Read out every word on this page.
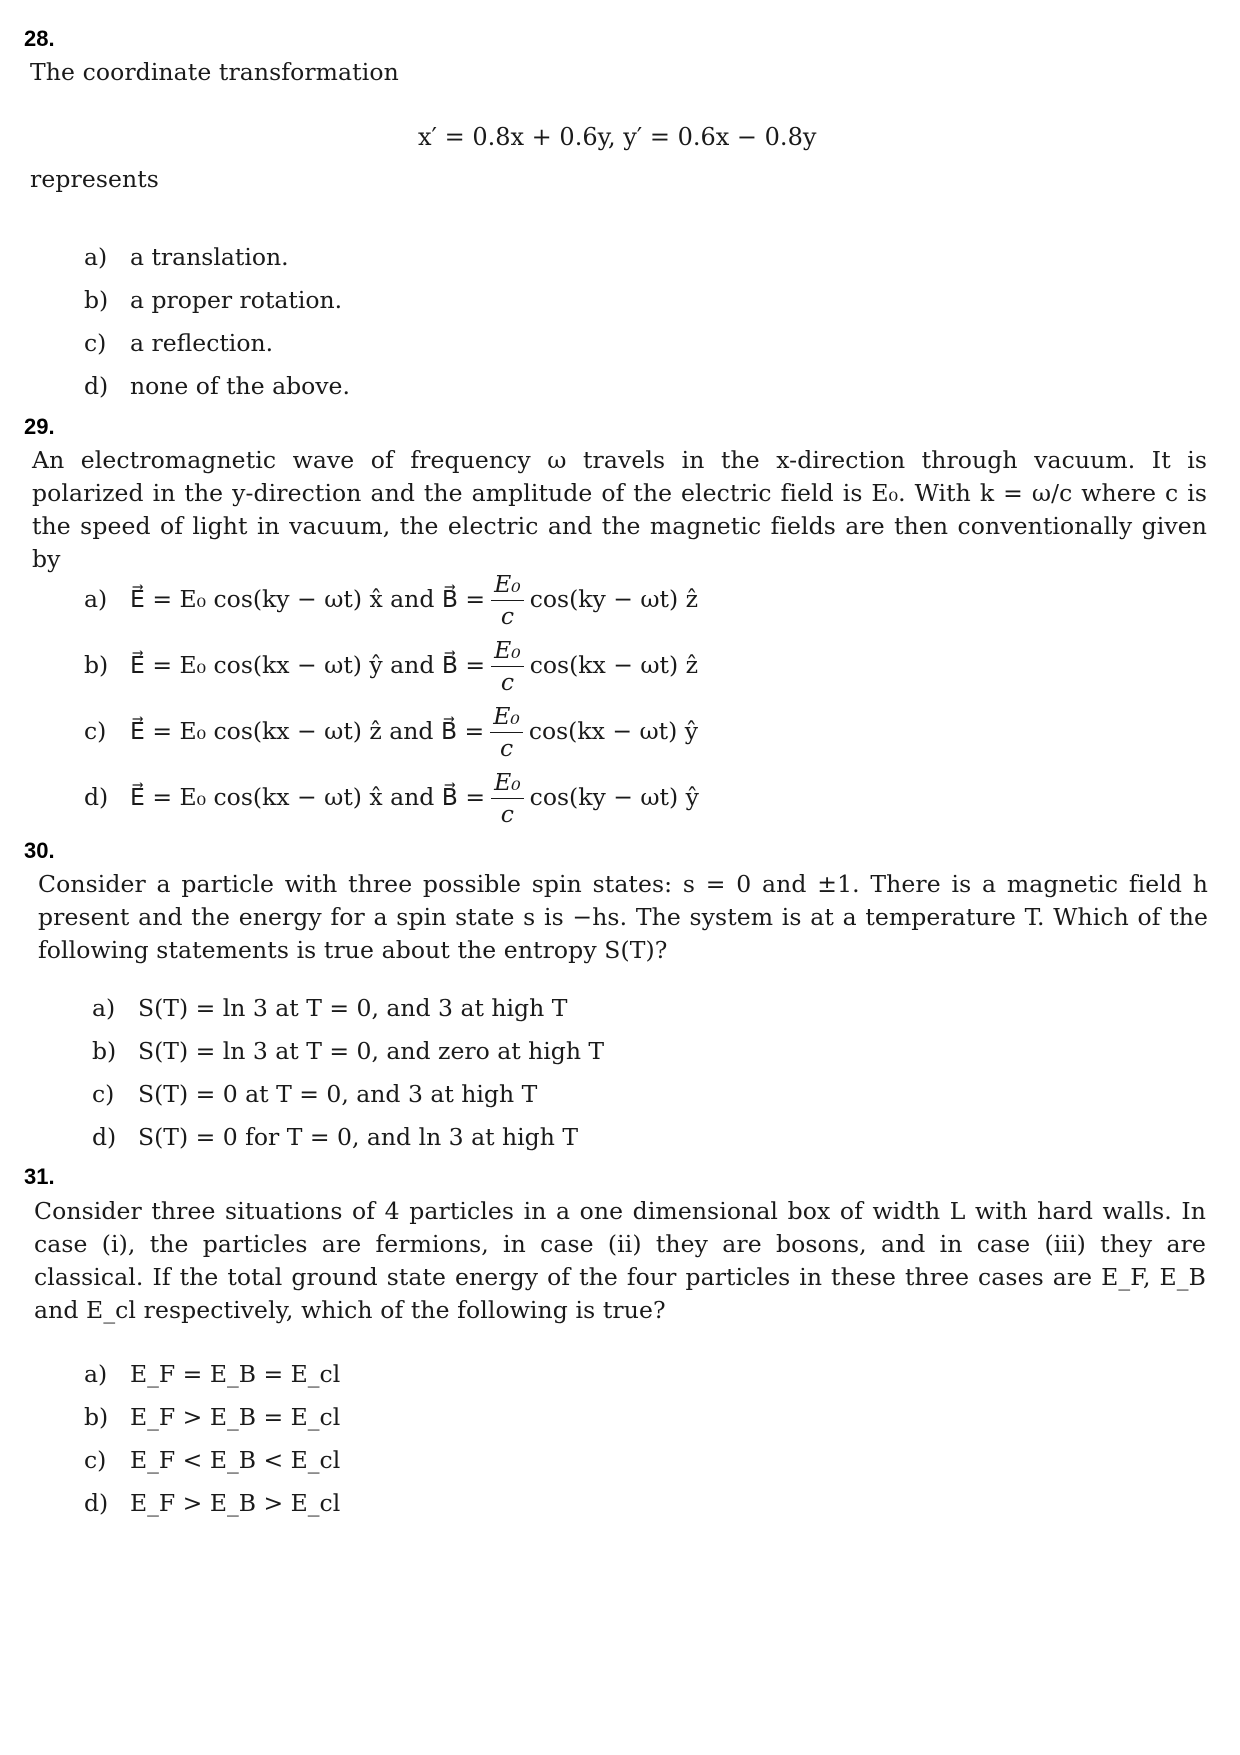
28.
The coordinate transformation
x′ = 0.8x + 0.6y, y′ = 0.6x − 0.8y
represents
a) a translation.
b) a proper rotation.
c) a reflection.
d) none of the above.
29.
An electromagnetic wave of frequency ω travels in the x-direction through vacuum. It is polarized in the y-direction and the amplitude of the electric field is E₀. With k = ω/c where c is the speed of light in vacuum, the electric and the magnetic fields are then conventionally given by
a) E⃗ = E₀ cos(ky − ωt) x̂ and B⃗ = $\frac{\text{E₀}}{c} \cos(ky - \omega t)$ ẑ
b) E⃗ = E₀ cos(kx − ωt) ŷ and B⃗ = $\frac{\text{E₀}}{c} \cos(kx - \omega t)$ ẑ
c) E⃗ = E₀ cos(kx − ωt) ẑ and B⃗ = $\frac{\text{E₀}}{c} \cos(kx - \omega t)$ ŷ
d) E⃗ = E₀ cos(kx − ωt) x̂ and B⃗ = $\frac{\text{E₀}}{c} \cos(ky - \omega t)$ ŷ
30.
Consider a particle with three possible spin states: s = 0 and ±1. There is a magnetic field h present and the energy for a spin state s is −hs. The system is at a temperature T. Which of the following statements is true about the entropy S(T)?
a) S(T) = ln 3 at T = 0, and 3 at high T
b) S(T) = ln 3 at T = 0, and zero at high T
c) S(T) = 0 at T = 0, and 3 at high T
d) S(T) = 0 for T = 0, and ln 3 at high T
31.
Consider three situations of 4 particles in a one dimensional box of width L with hard walls. In case (i), the particles are fermions, in case (ii) they are bosons, and in case (iii) they are classical. If the total ground state energy of the four particles in these three cases are E_F, E_B and E_cl respectively, which of the following is true?
a) E_F = E_B = E_cl
b) E_F > E_B = E_cl
c) E_F < E_B < E_cl
d) E_F > E_B > E_cl
